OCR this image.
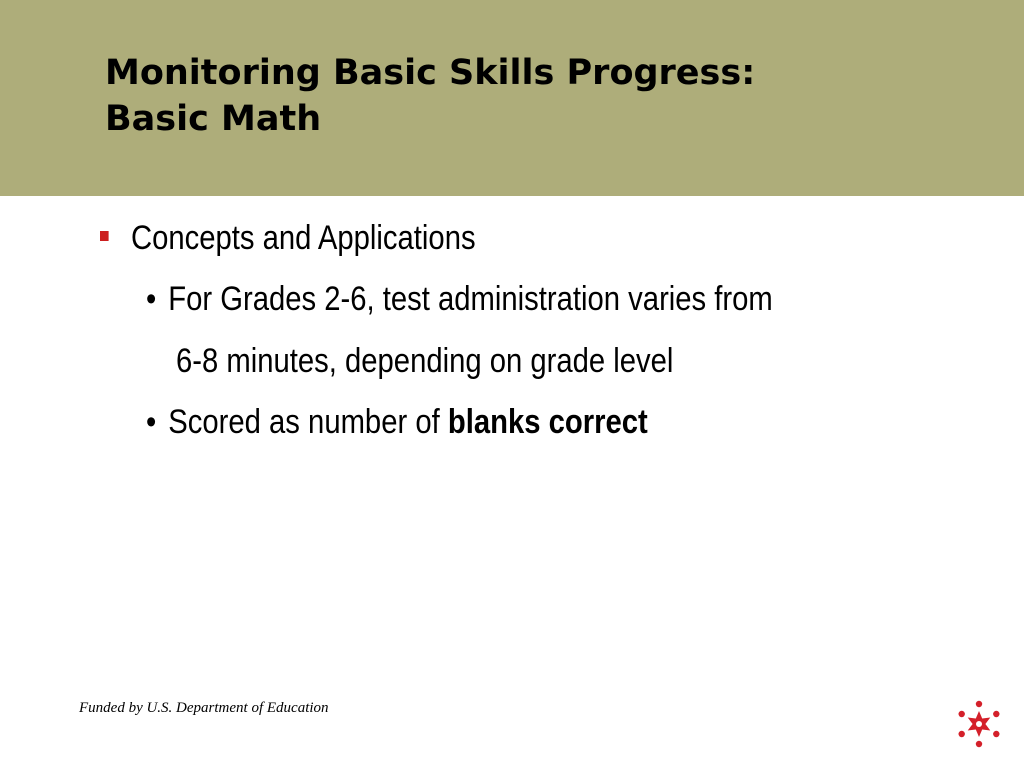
Monitoring Basic Skills Progress:
Basic Math
Concepts and Applications
• For Grades 2-6, test administration varies from
6-8 minutes, depending on grade level
• Scored as number of blanks correct
Funded by U.S. Department of Education
